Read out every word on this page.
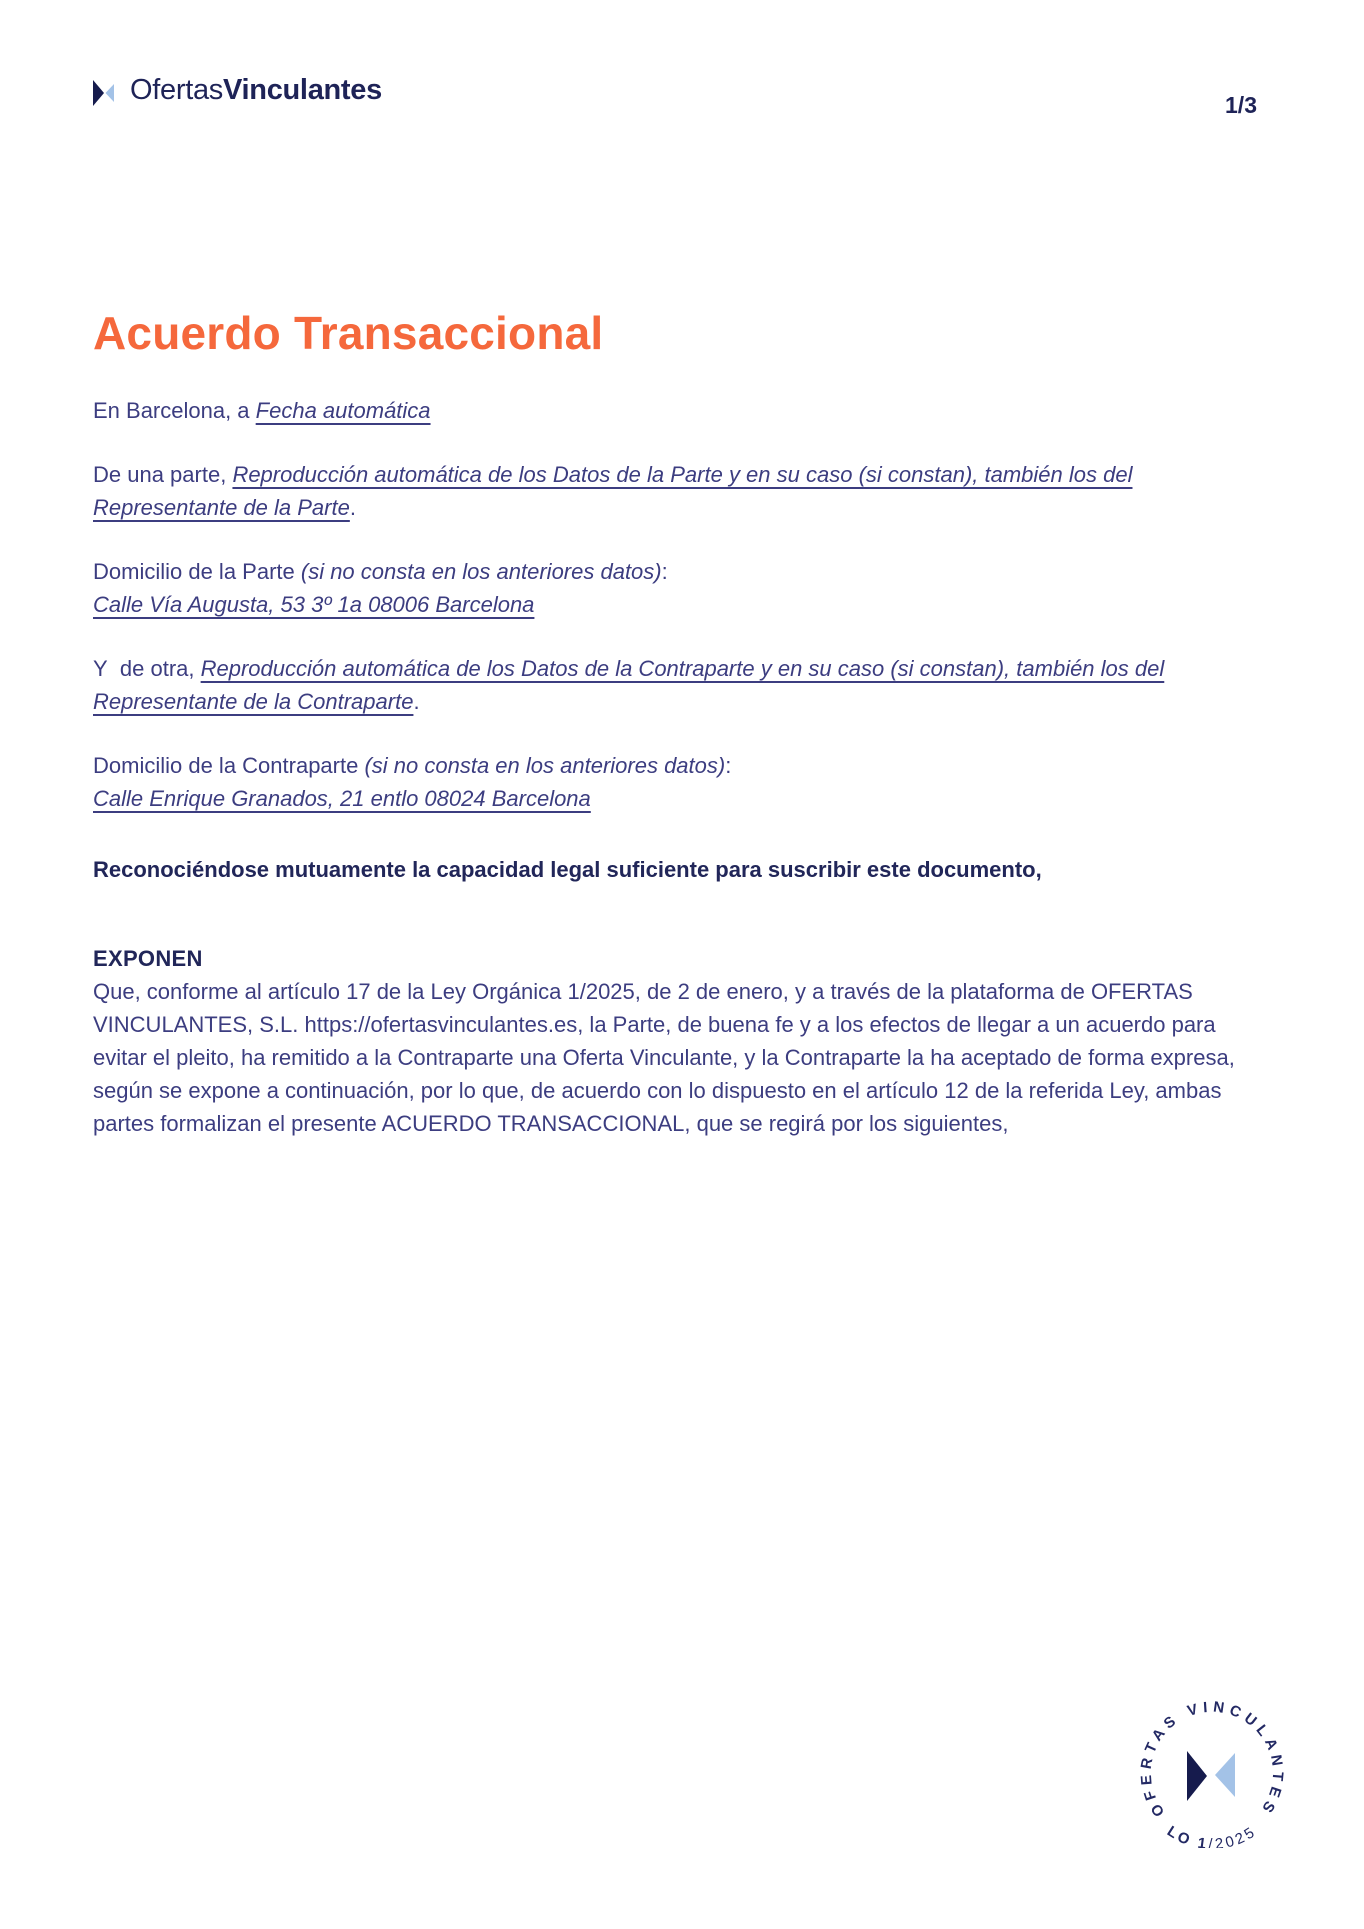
OfertasVinculantes	1/3
Acuerdo Transaccional

En Barcelona, a Fecha automática

De una parte, Reproducción automática de los Datos de la Parte y en su caso (si constan), también los del Representante de la Parte.

Domicilio de la Parte (si no consta en los anteriores datos):
Calle Vía Augusta, 53 3º 1a 08006 Barcelona

Y  de otra, Reproducción automática de los Datos de la Contraparte y en su caso (si constan), también los del Representante de la Contraparte.

Domicilio de la Contraparte (si no consta en los anteriores datos):
Calle Enrique Granados, 21 entlo 08024 Barcelona

Reconociéndose mutuamente la capacidad legal suficiente para suscribir este documento,

EXPONEN

Que, conforme al artículo 17 de la Ley Orgánica 1/2025, de 2 de enero, y a través de la plataforma de OFERTAS VINCULANTES, S.L. https://ofertasvinculantes.es, la Parte, de buena fe y a los efectos de llegar a un acuerdo para evitar el pleito, ha remitido a la Contraparte una Oferta Vinculante, y la Contraparte la ha aceptado de forma expresa, según se expone a continuación, por lo que, de acuerdo con lo dispuesto en el artículo 12 de la referida Ley, ambas partes formalizan el presente ACUERDO TRANSACCIONAL, que se regirá por los siguientes,

OFERTAS VINCULANTES
LO 1/2025
